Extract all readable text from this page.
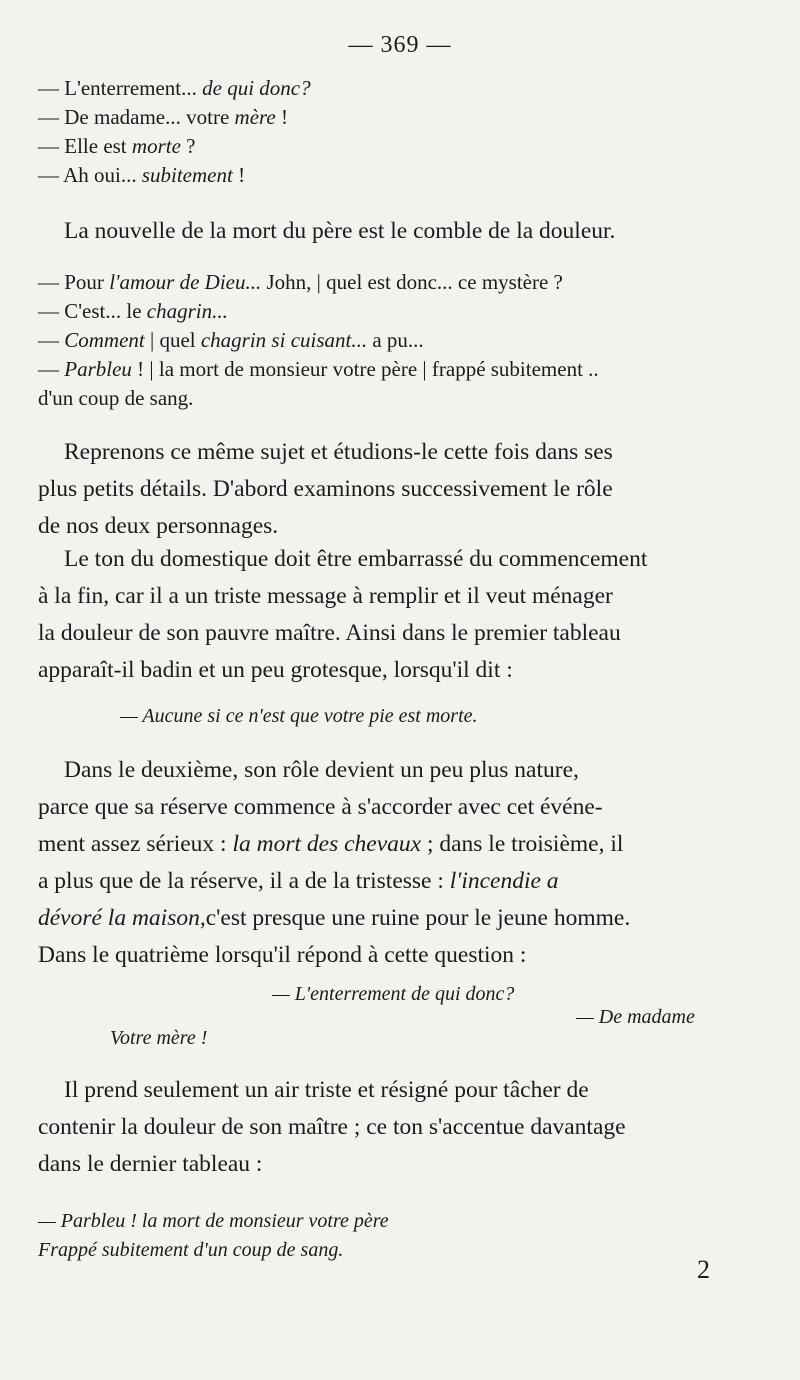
— 369 —
— L'enterrement... de qui donc?
— De madame... votre mère !
— Elle est morte ?
— Ah oui... subitement !
La nouvelle de la mort du père est le comble de la douleur.
— Pour l'amour de Dieu... John, | quel est donc... ce mystère ?
— C'est... le chagrin...
— Comment | quel chagrin si cuisant... a pu...
— Parbleu ! | la mort de monsieur votre père | frappé subitement ..
d'un coup de sang.
Reprenons ce même sujet et étudions-le cette fois dans ses
plus petits détails. D'abord examinons successivement le rôle
de nos deux personnages.
Le ton du domestique doit être embarrassé du commencement
à la fin, car il a un triste message à remplir et il veut ménager
la douleur de son pauvre maître. Ainsi dans le premier tableau
apparaît-il badin et un peu grotesque, lorsqu'il dit :
— Aucune si ce n'est que votre pie est morte.
Dans le deuxième, son rôle devient un peu plus nature,
parce que sa réserve commence à s'accorder avec cet événe-
ment assez sérieux : la mort des chevaux ; dans le troisième, il
a plus que de la réserve, il a de la tristesse : l'incendie a
dévoré la maison,c'est presque une ruine pour le jeune homme.
Dans le quatrième lorsqu'il répond à cette question :
— L'enterrement de qui donc?
— De madame
Votre mère !
Il prend seulement un air triste et résigné pour tâcher de
contenir la douleur de son maître ; ce ton s'accentue davantage
dans le dernier tableau :
— Parbleu ! la mort de monsieur votre père
Frappé subitement d'un coup de sang.
2
